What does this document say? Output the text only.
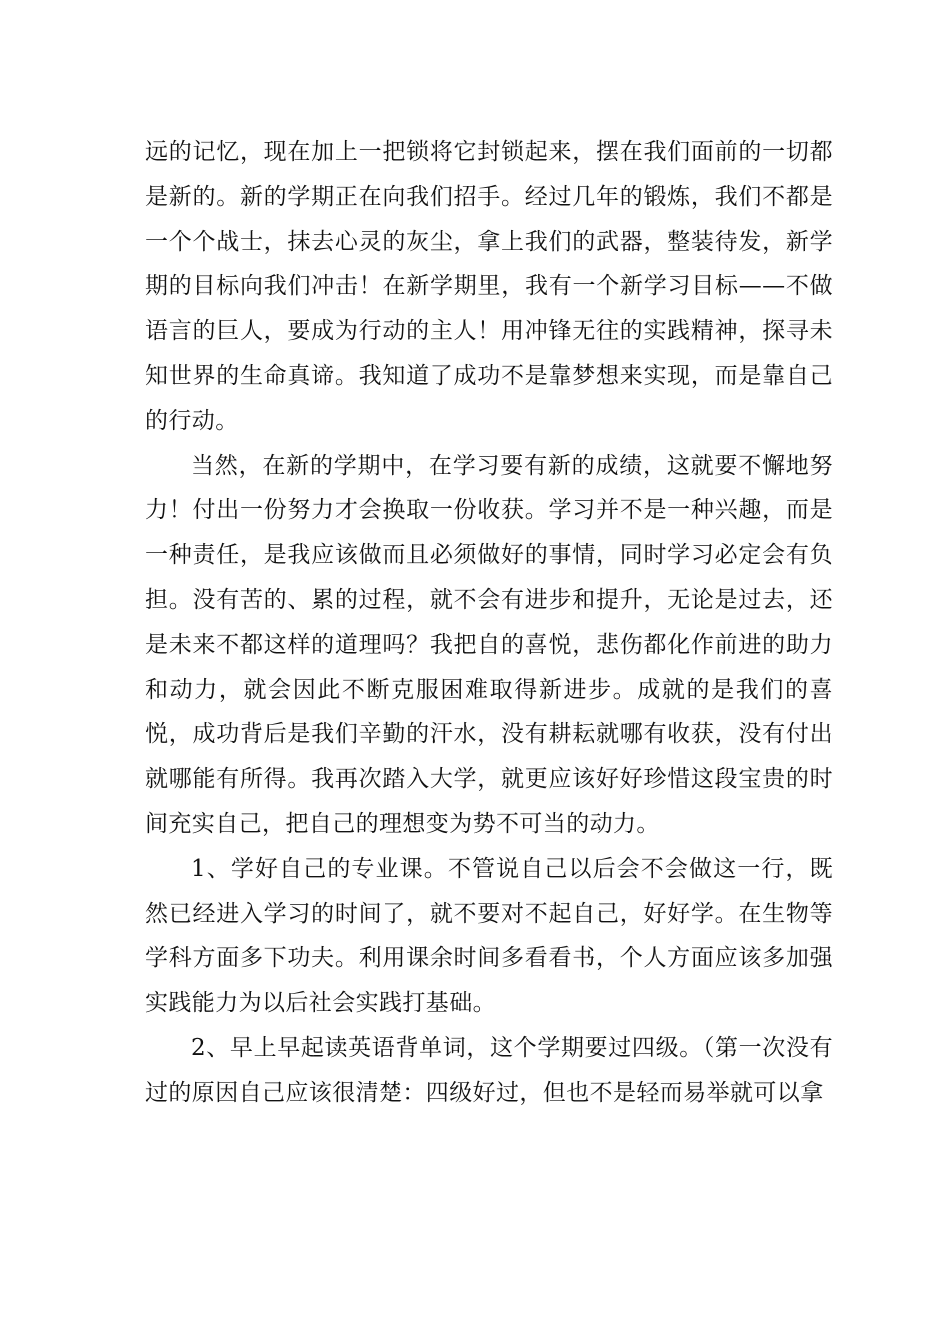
远的记忆，现在加上一把锁将它封锁起来，摆在我们面前的一切都是新的。新的学期正在向我们招手。经过几年的锻炼，我们不都是一个个战士，抹去心灵的灰尘，拿上我们的武器，整装待发，新学期的目标向我们冲击！在新学期里，我有一个新学习目标——不做语言的巨人，要成为行动的主人！用冲锋无往的实践精神，探寻未知世界的生命真谛。我知道了成功不是靠梦想来实现，而是靠自己的行动。

当然，在新的学期中，在学习要有新的成绩，这就要不懈地努力！付出一份努力才会换取一份收获。学习并不是一种兴趣，而是一种责任，是我应该做而且必须做好的事情，同时学习必定会有负担。没有苦的、累的过程，就不会有进步和提升，无论是过去，还是未来不都这样的道理吗？我把自的喜悦，悲伤都化作前进的助力和动力，就会因此不断克服困难取得新进步。成就的是我们的喜悦，成功背后是我们辛勤的汗水，没有耕耘就哪有收获，没有付出就哪能有所得。我再次踏入大学，就更应该好好珍惜这段宝贵的时间充实自己，把自己的理想变为势不可当的动力。

1、学好自己的专业课。不管说自己以后会不会做这一行，既然已经进入学习的时间了，就不要对不起自己，好好学。在生物等学科方面多下功夫。利用课余时间多看看书，个人方面应该多加强实践能力为以后社会实践打基础。

2、早上早起读英语背单词，这个学期要过四级。（第一次没有过的原因自己应该很清楚：四级好过，但也不是轻而易举就可以拿
